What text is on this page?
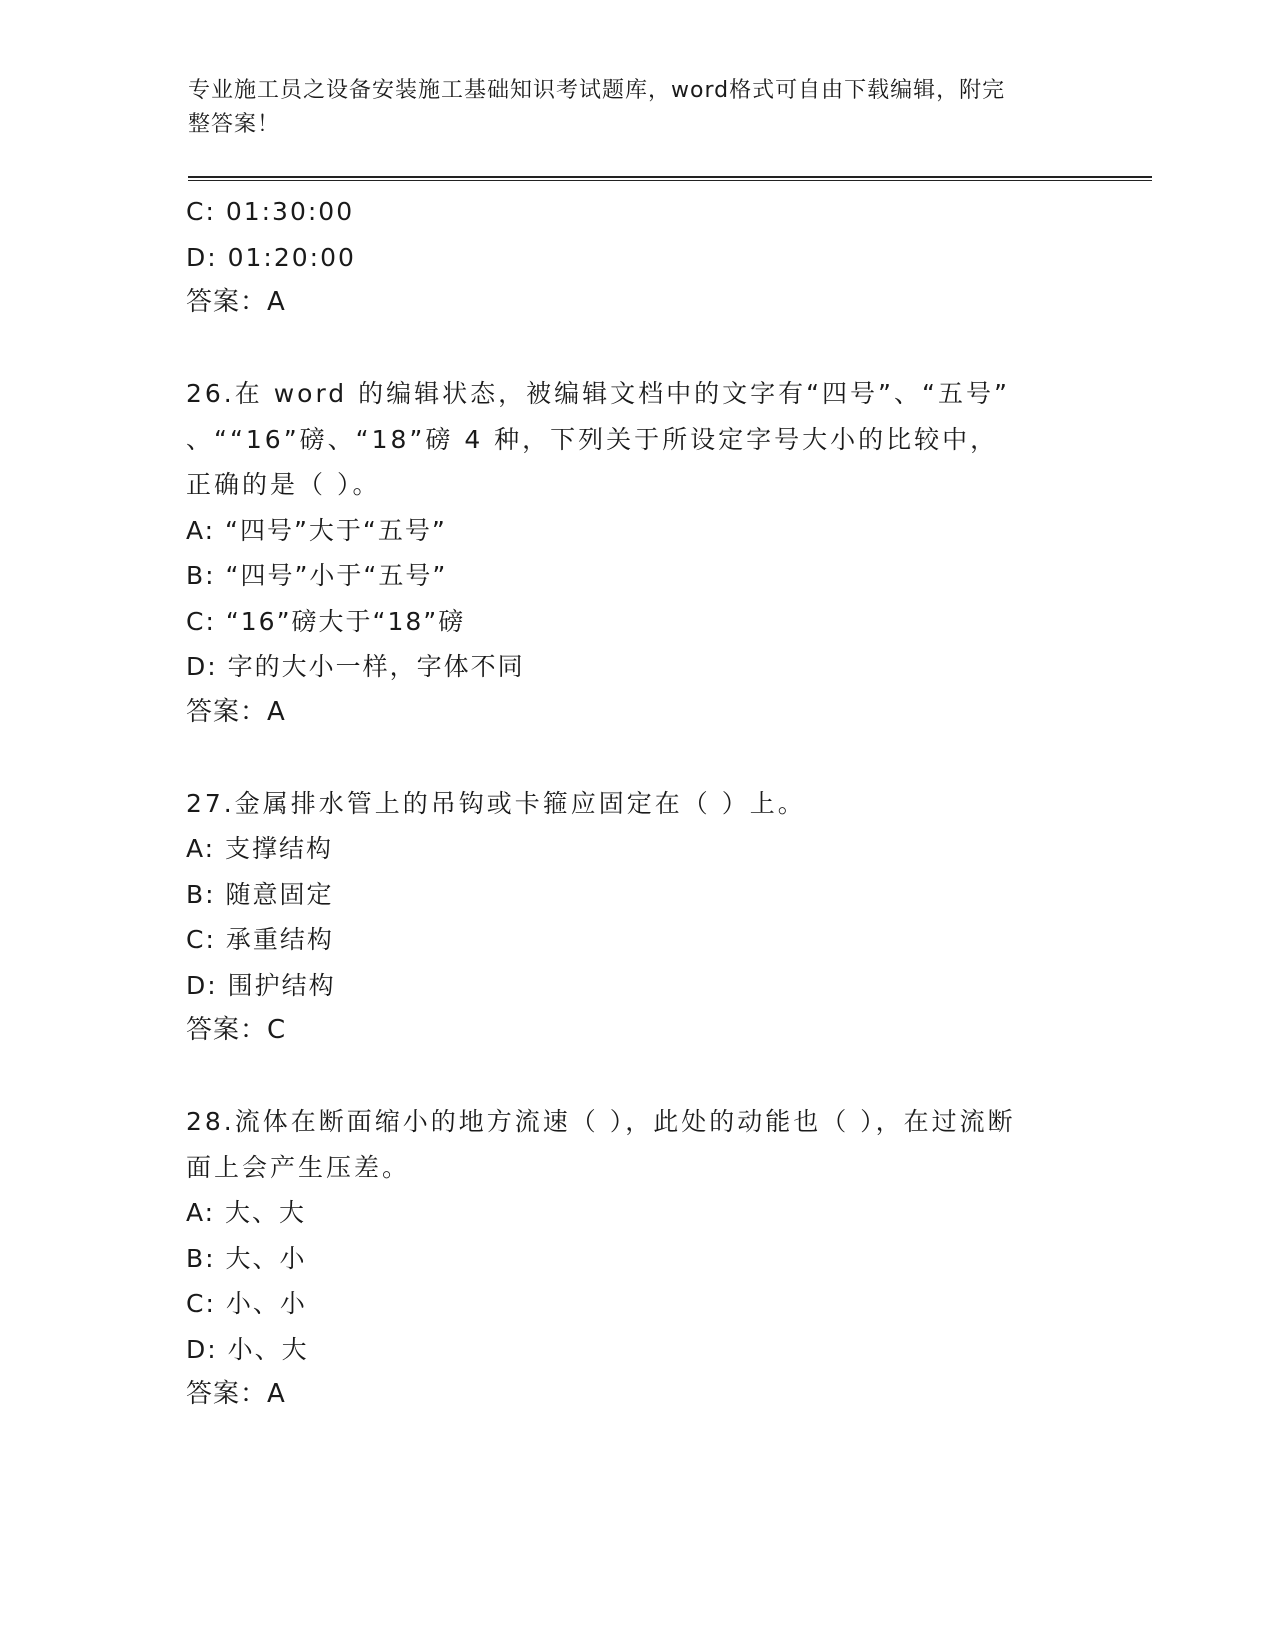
专业施工员之设备安装施工基础知识考试题库，word格式可自由下载编辑，附完
整答案！
C: 01:30:00
D: 01:20:00
答案：A
26.在 word 的编辑状态，被编辑文档中的文字有“四号”、“五号”
、““16”磅、“18”磅 4 种，下列关于所设定字号大小的比较中，
正确的是（ ）。
A: “四号”大于“五号”
B: “四号”小于“五号”
C: “16”磅大于“18”磅
D: 字的大小一样，字体不同
答案：A
27.金属排水管上的吊钩或卡箍应固定在（ ）上。
A: 支撑结构
B: 随意固定
C: 承重结构
D: 围护结构
答案：C
28.流体在断面缩小的地方流速（ ），此处的动能也（ ），在过流断
面上会产生压差。
A: 大、大
B: 大、小
C: 小、小
D: 小、大
答案：A
